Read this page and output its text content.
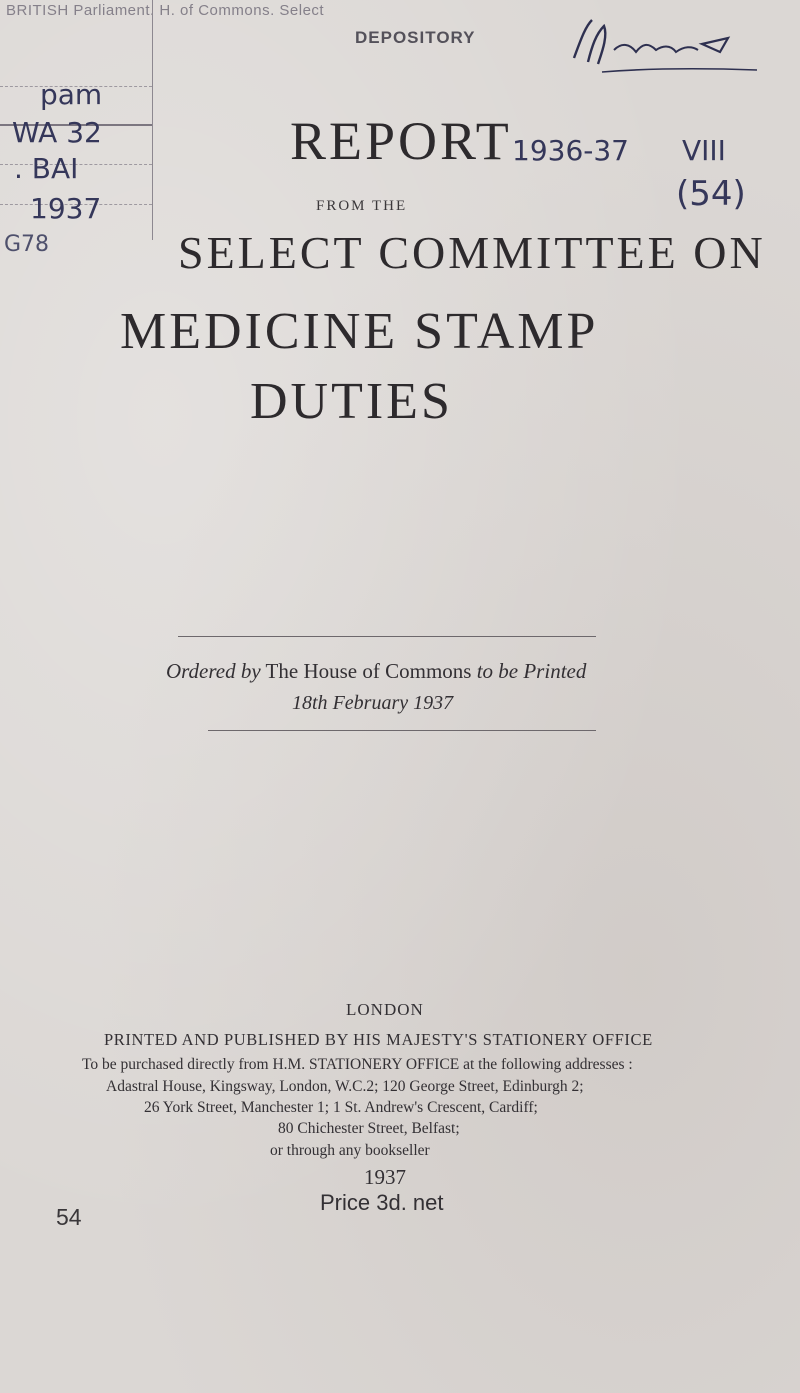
BRITISH Parliament. H. of Commons. Select
pam
WA 32
. BAI
1937
G78
DEPOSITORY
1936-37 VIII
(54)
REPORT
FROM THE
SELECT COMMITTEE ON
MEDICINE STAMP
DUTIES
Ordered by The House of Commons to be Printed
18th February 1937
LONDON
PRINTED AND PUBLISHED BY HIS MAJESTY'S STATIONERY OFFICE
To be purchased directly from H.M. STATIONERY OFFICE at the following addresses :
Adastral House, Kingsway, London, W.C.2; 120 George Street, Edinburgh 2;
26 York Street, Manchester 1; 1 St. Andrew's Crescent, Cardiff;
80 Chichester Street, Belfast;
or through any bookseller
1937
Price 3d. net
54
